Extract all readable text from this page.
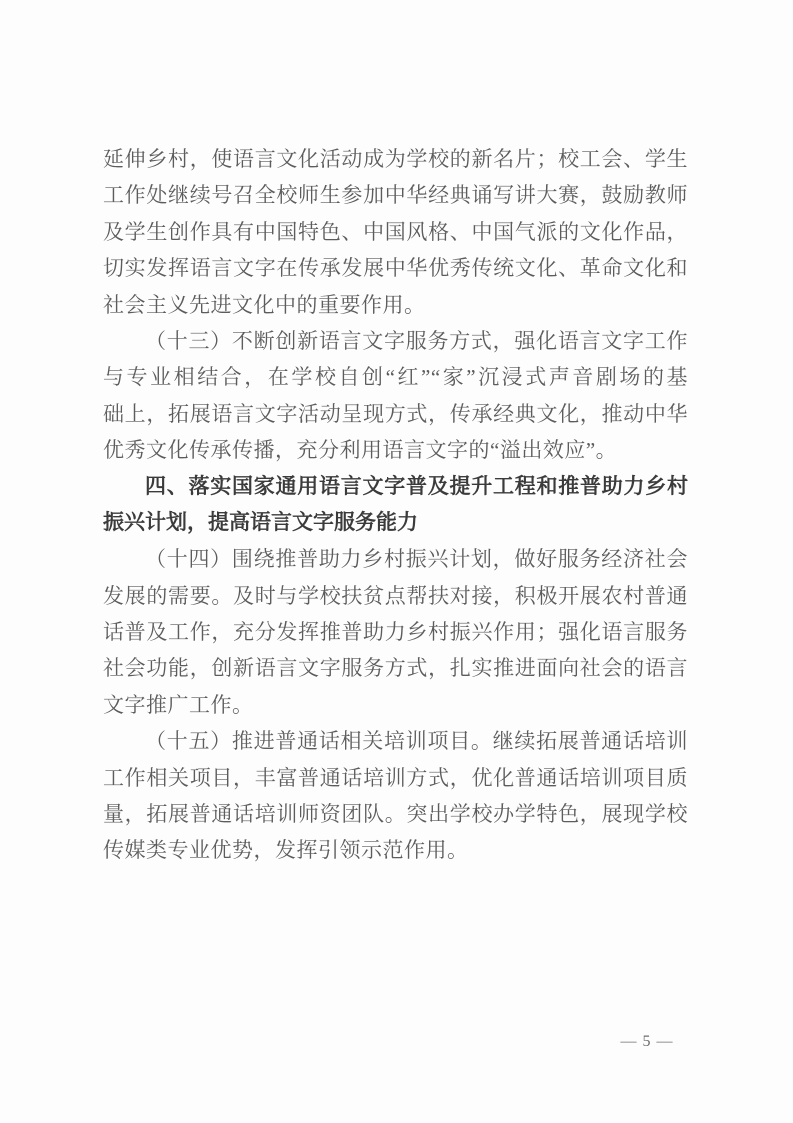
延伸乡村，使语言文化活动成为学校的新名片；校工会、学生
工作处继续号召全校师生参加中华经典诵写讲大赛，鼓励教师
及学生创作具有中国特色、中国风格、中国气派的文化作品，
切实发挥语言文字在传承发展中华优秀传统文化、革命文化和
社会主义先进文化中的重要作用。
（十三）不断创新语言文字服务方式，强化语言文字工作
与专业相结合，在学校自创“红”“家”沉浸式声音剧场的基
础上，拓展语言文字活动呈现方式，传承经典文化，推动中华
优秀文化传承传播，充分利用语言文字的“溢出效应”。
四、落实国家通用语言文字普及提升工程和推普助力乡村
振兴计划，提高语言文字服务能力
（十四）围绕推普助力乡村振兴计划，做好服务经济社会
发展的需要。及时与学校扶贫点帮扶对接，积极开展农村普通
话普及工作，充分发挥推普助力乡村振兴作用；强化语言服务
社会功能，创新语言文字服务方式，扎实推进面向社会的语言
文字推广工作。
（十五）推进普通话相关培训项目。继续拓展普通话培训
工作相关项目，丰富普通话培训方式，优化普通话培训项目质
量，拓展普通话培训师资团队。突出学校办学特色，展现学校
传媒类专业优势，发挥引领示范作用。
— 5 —
